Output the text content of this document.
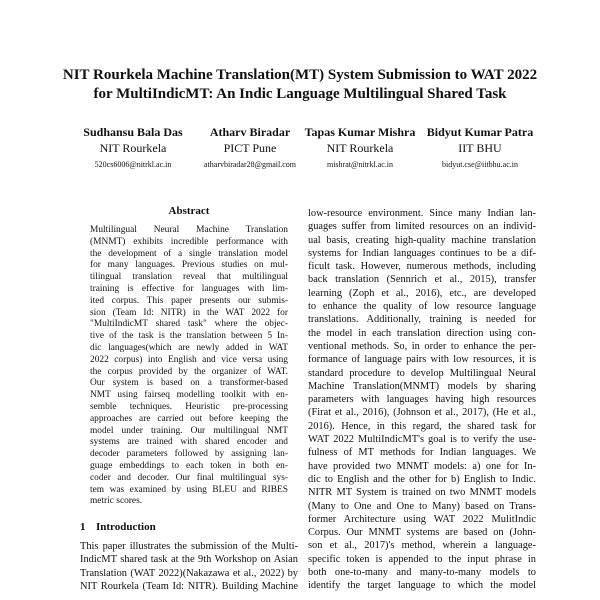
NIT Rourkela Machine Translation(MT) System Submission to WAT 2022
for MultiIndicMT: An Indic Language Multilingual Shared Task
Sudhansu Bala Das
NIT Rourkela
520cs6006@nitrkl.ac.in
Atharv Biradar
PICT Pune
atharvbiradar28@gmail.com
Tapas Kumar Mishra
NIT Rourkela
mishrat@nitrkl.ac.in
Bidyut Kumar Patra
IIT BHU
bidyut.cse@iitbhu.ac.in
Abstract
Multilingual Neural Machine Translation
(MNMT) exhibits incredible performance with
the development of a single translation model
for many languages. Previous studies on mul-
tilingual translation reveal that multilingual
training is effective for languages with lim-
ited corpus. This paper presents our submis-
sion (Team Id: NITR) in the WAT 2022 for
"MultiIndicMT shared task" where the objec-
tive of the task is the translation between 5 In-
dic languages(which are newly added in WAT
2022 corpus) into English and vice versa using
the corpus provided by the organizer of WAT.
Our system is based on a transformer-based
NMT using fairseq modelling toolkit with en-
semble techniques. Heuristic pre-processing
approaches are carried out before keeping the
model under training. Our multilingual NMT
systems are trained with shared encoder and
decoder parameters followed by assigning lan-
guage embeddings to each token in both en-
coder and decoder. Our final multilingual sys-
tem was examined by using BLEU and RIBES
metric scores.
1 Introduction
This paper illustrates the submission of the Multi-
IndicMT shared task at the 9th Workshop on Asian
Translation (WAT 2022)(Nakazawa et al., 2022) by
NIT Rourkela (Team Id: NITR). Building Machine
low-resource environment. Since many Indian lan-
guages suffer from limited resources on an individ-
ual basis, creating high-quality machine translation
systems for Indian languages continues to be a dif-
ficult task. However, numerous methods, including
back translation (Sennrich et al., 2015), transfer
learning (Zoph et al., 2016), etc., are developed
to enhance the quality of low resource language
translations. Additionally, training is needed for
the model in each translation direction using con-
ventional methods. So, in order to enhance the per-
formance of language pairs with low resources, it is
standard procedure to develop Multilingual Neural
Machine Translation(MNMT) models by sharing
parameters with languages having high resources
(Firat et al., 2016), (Johnson et al., 2017), (He et al.,
2016). Hence, in this regard, the shared task for
WAT 2022 MultiIndicMT's goal is to verify the use-
fulness of MT methods for Indian languages. We
have provided two MNMT models: a) one for In-
dic to English and the other for b) English to Indic.
NITR MT System is trained on two MNMT models
(Many to One and One to Many) based on Trans-
former Architecture using WAT 2022 MulitIndic
Corpus. Our MNMT systems are based on (John-
son et al., 2017)'s method, wherein a language-
specific token is appended to the input phrase in
both one-to-many and many-to-many models to
identify the target language to which the model
